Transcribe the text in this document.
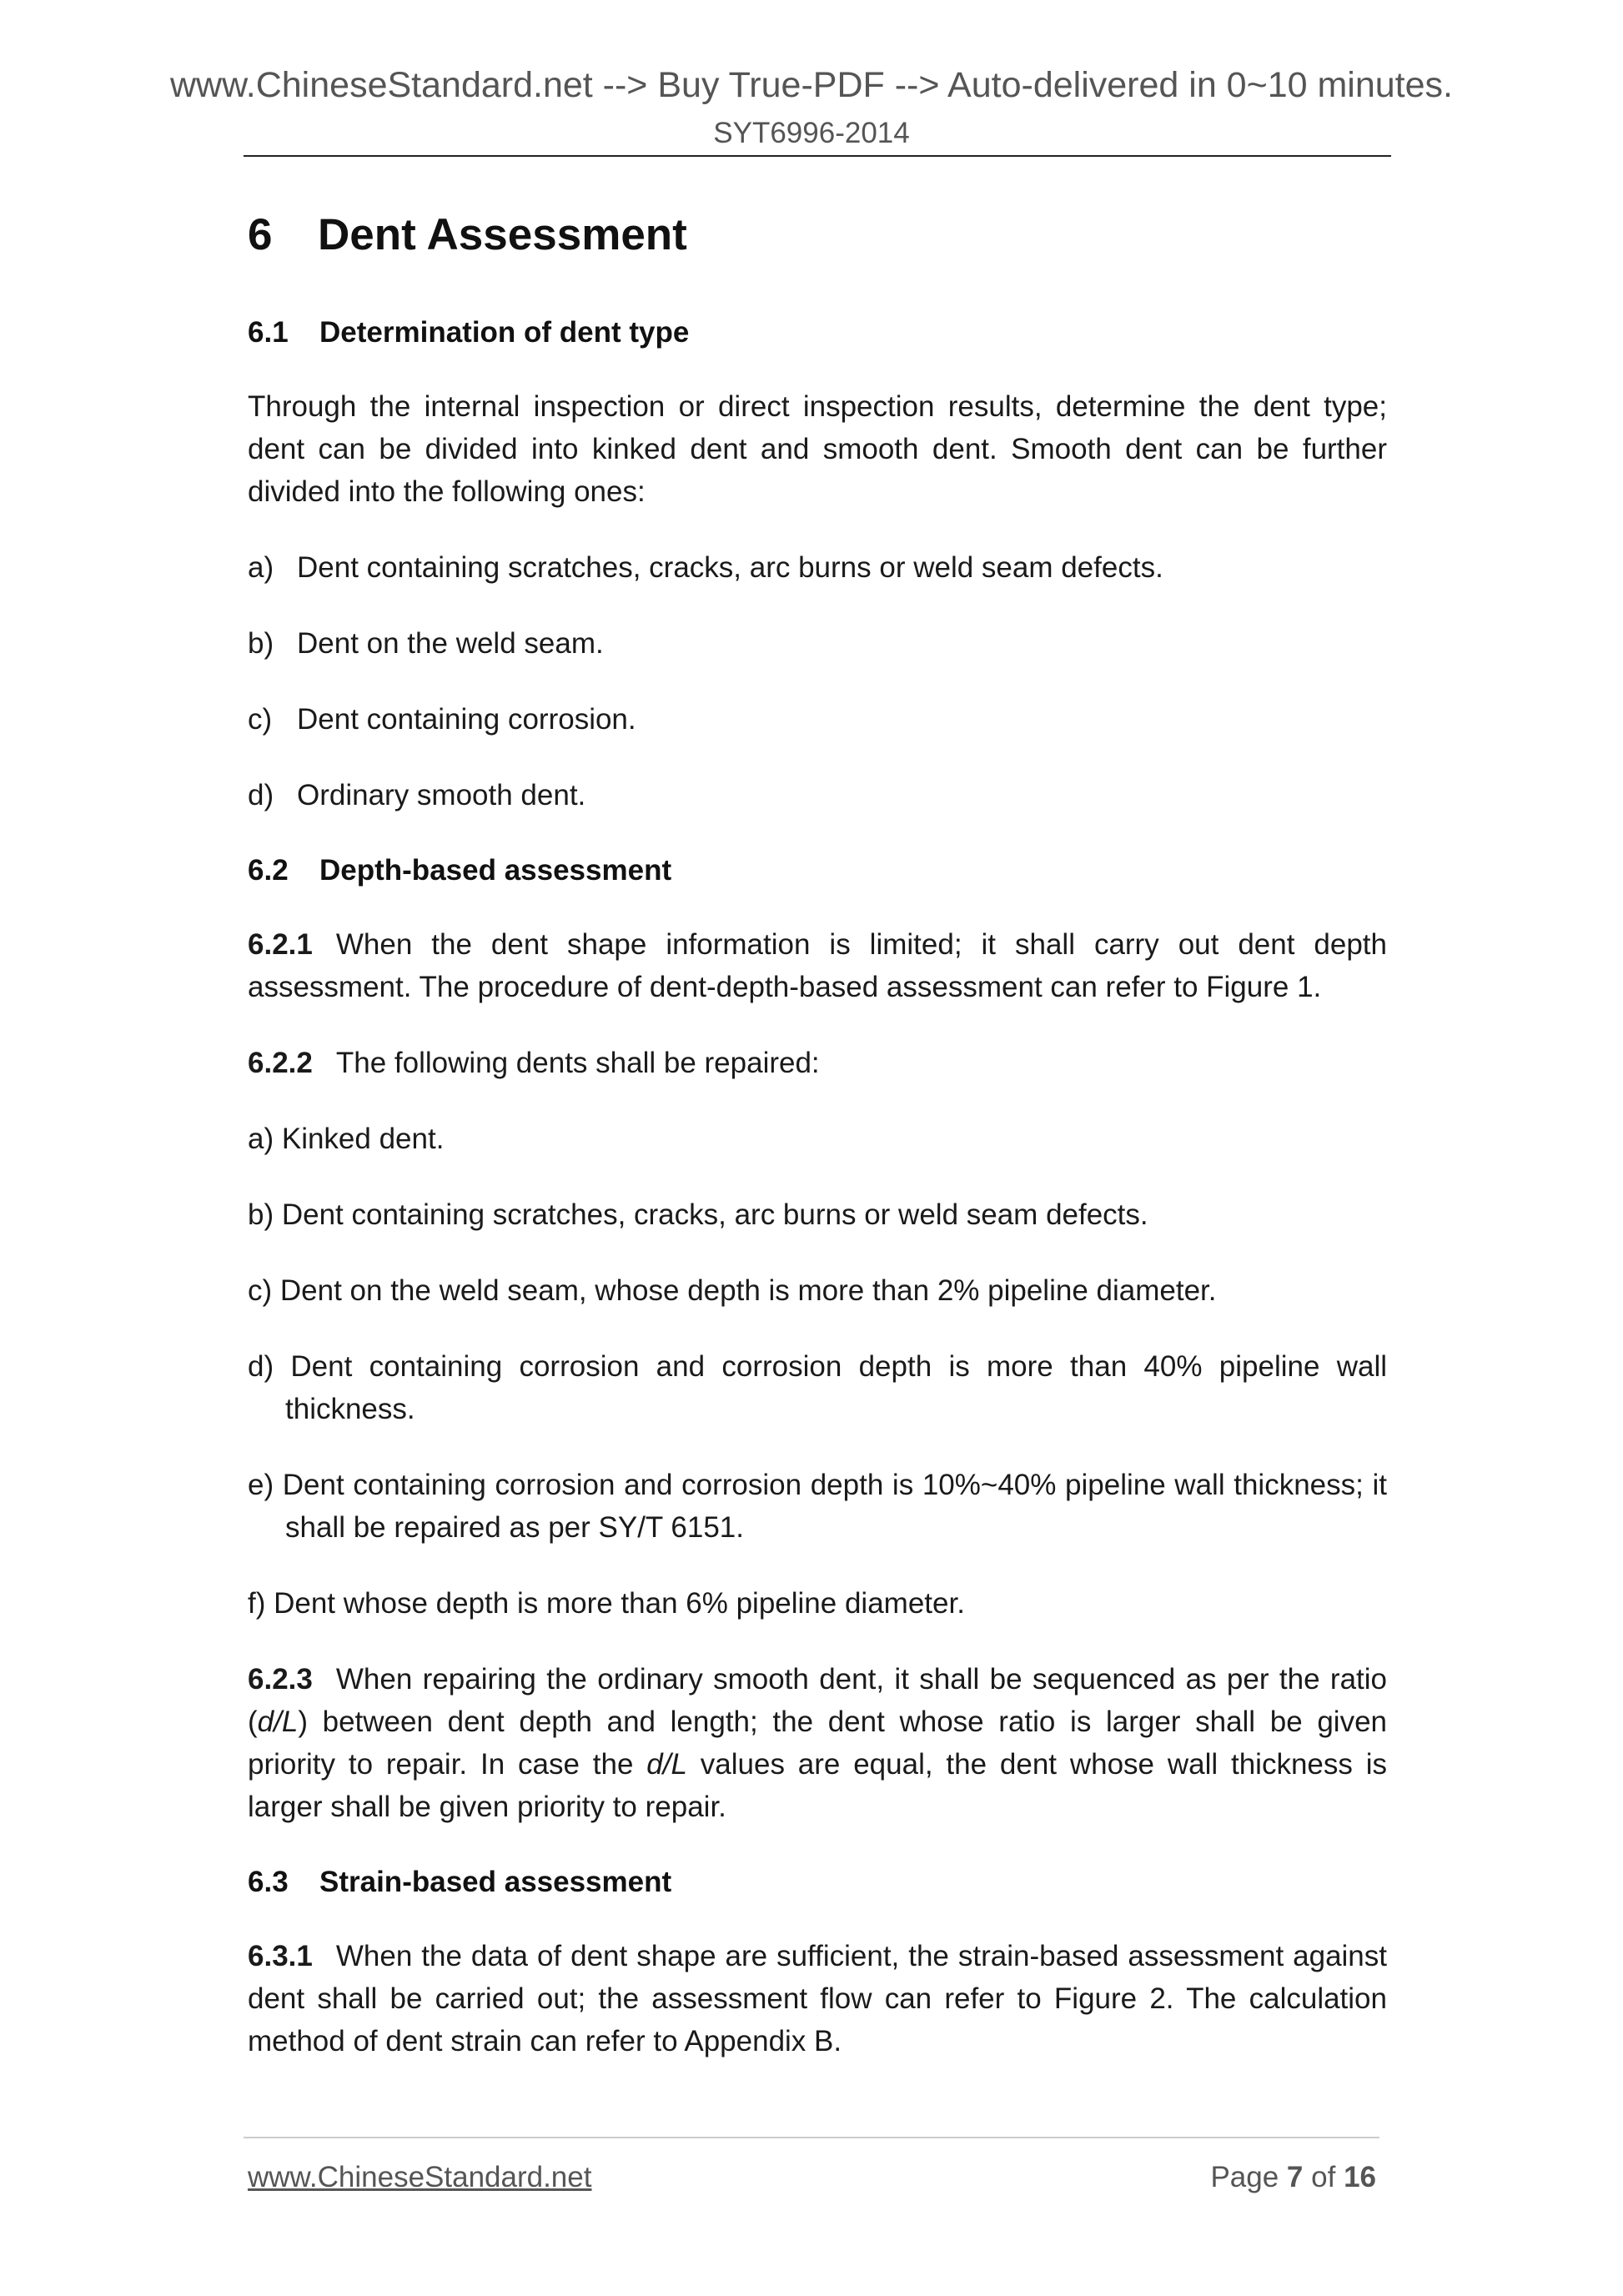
www.ChineseStandard.net --> Buy True-PDF --> Auto-delivered in 0~10 minutes.
SYT6996-2014
6 Dent Assessment
6.1 Determination of dent type

Through the internal inspection or direct inspection results, determine the dent type; dent can be divided into kinked dent and smooth dent. Smooth dent can be further divided into the following ones:

a) Dent containing scratches, cracks, arc burns or weld seam defects.

b) Dent on the weld seam.

c) Dent containing corrosion.

d) Ordinary smooth dent.

6.2 Depth-based assessment

6.2.1 When the dent shape information is limited; it shall carry out dent depth assessment. The procedure of dent-depth-based assessment can refer to Figure 1.

6.2.2 The following dents shall be repaired:

a) Kinked dent.

b) Dent containing scratches, cracks, arc burns or weld seam defects.

c) Dent on the weld seam, whose depth is more than 2% pipeline diameter.

d) Dent containing corrosion and corrosion depth is more than 40% pipeline wall thickness.

e) Dent containing corrosion and corrosion depth is 10%~40% pipeline wall thickness; it shall be repaired as per SY/T 6151.

f) Dent whose depth is more than 6% pipeline diameter.

6.2.3 When repairing the ordinary smooth dent, it shall be sequenced as per the ratio (d/L) between dent depth and length; the dent whose ratio is larger shall be given priority to repair. In case the d/L values are equal, the dent whose wall thickness is larger shall be given priority to repair.

6.3 Strain-based assessment

6.3.1 When the data of dent shape are sufficient, the strain-based assessment against dent shall be carried out; the assessment flow can refer to Figure 2. The calculation method of dent strain can refer to Appendix B.

www.ChineseStandard.net	Page 7 of 16
